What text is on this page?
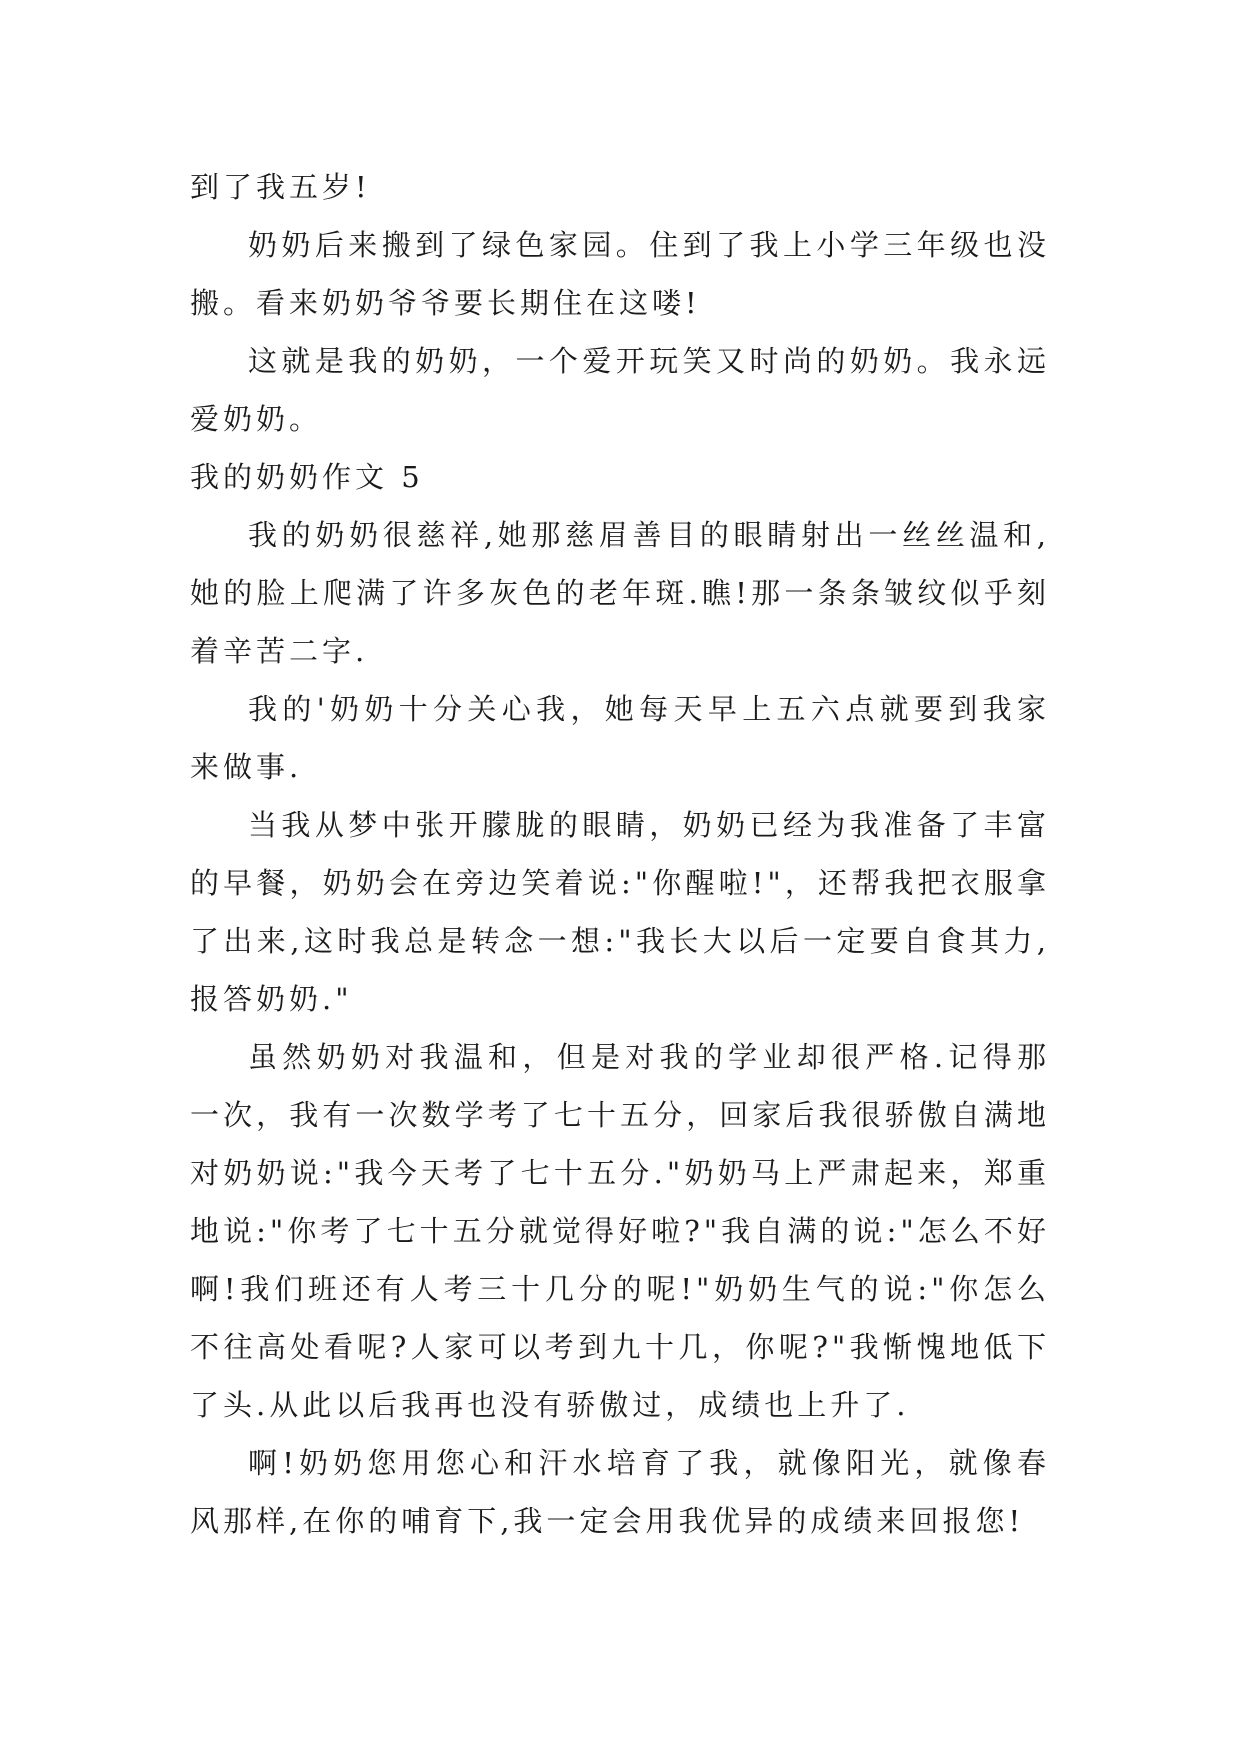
到了我五岁!

奶奶后来搬到了绿色家园。住到了我上小学三年级也没搬。看来奶奶爷爷要长期住在这喽!

这就是我的奶奶，一个爱开玩笑又时尚的奶奶。我永远爱奶奶。

我的奶奶作文 5

我的奶奶很慈祥,她那慈眉善目的眼睛射出一丝丝温和,她的脸上爬满了许多灰色的老年斑.瞧!那一条条皱纹似乎刻着辛苦二字.

我的'奶奶十分关心我，她每天早上五六点就要到我家来做事.

当我从梦中张开朦胧的眼睛，奶奶已经为我准备了丰富的早餐，奶奶会在旁边笑着说:"你醒啦!"，还帮我把衣服拿了出来,这时我总是转念一想:"我长大以后一定要自食其力,报答奶奶."

虽然奶奶对我温和，但是对我的学业却很严格.记得那一次，我有一次数学考了七十五分，回家后我很骄傲自满地对奶奶说:"我今天考了七十五分."奶奶马上严肃起来，郑重地说:"你考了七十五分就觉得好啦?"我自满的说:"怎么不好啊!我们班还有人考三十几分的呢!"奶奶生气的说:"你怎么不往高处看呢?人家可以考到九十几，你呢?"我惭愧地低下了头.从此以后我再也没有骄傲过，成绩也上升了.

啊!奶奶您用您心和汗水培育了我，就像阳光，就像春风那样,在你的哺育下,我一定会用我优异的成绩来回报您!
